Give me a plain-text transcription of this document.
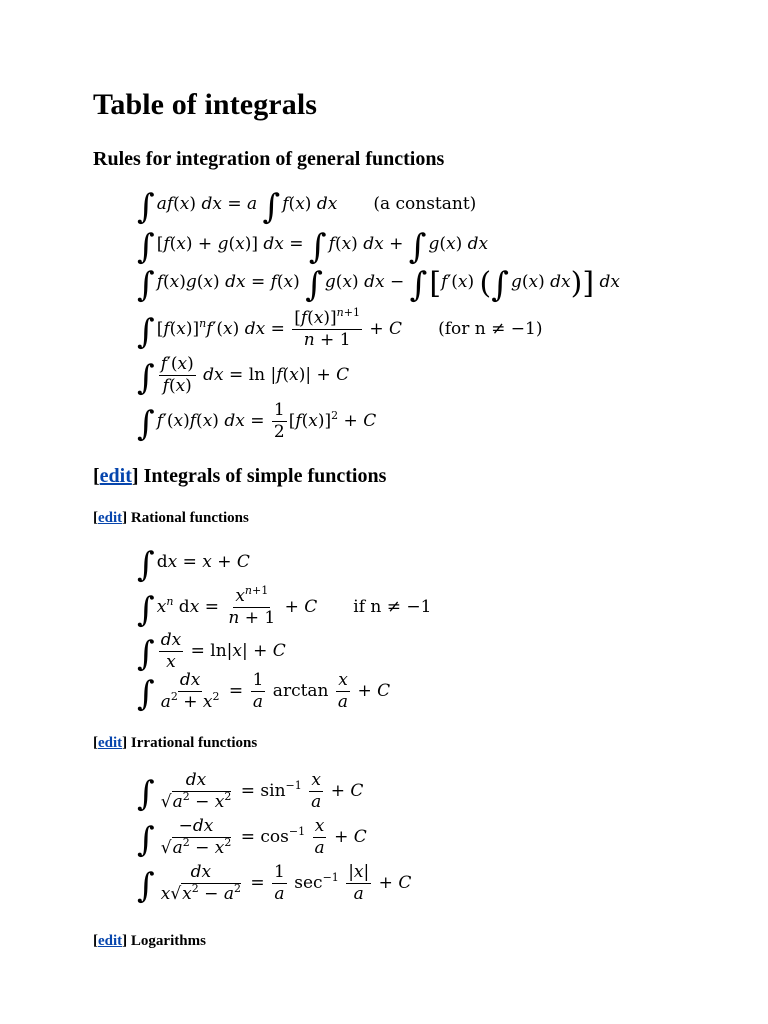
Table of integrals
Rules for integration of general functions
∫ af(x) dx = a ∫ f(x) dx (a constant)
∫ [f(x) + g(x)] dx = ∫ f(x) dx + ∫ g(x) dx
∫ f(x)g(x) dx = f(x) ∫ g(x) dx − ∫[f′(x) (∫ g(x) dx)] dx
∫ $[f(x)]^nf'(x)$ dx = $\frac{[f(x)]^{n+1}}{n + 1} + C$ (for n ≠ −1)
∫ $\frac{f'(x)}{f(x)}$ dx = ln |f(x)| + C
∫ f′(x)f(x) dx = $\frac{1}{2} [f(x)]^2 + C$
[edit] Integrals of simple functions
[edit] Rational functions
∫ dx = x + C
∫ $x^n$ dx = $\frac{x^{n+1}}{n + 1} + C$ if n ≠ −1
∫ $\frac{dx}{x} = \ln|x| + C$
∫ $\frac{dx}{a^2 + x^2} = \frac{1}{a}$ $\arctan \frac{x}{a} + C$
[edit] Irrational functions
∫ $\frac{dx}{√a^2 - x^2} = \sin^{-1} \frac{x}{a} + C$
∫ $\frac{-dx}{√a^2 - x^2} = \cos^{-1} \frac{x}{a} + C$
∫ $\frac{dx}{x√x^2 - a^2} = \frac{1}{a} \sec^{-1} \frac{|x|}{a} + C$
[edit] Logarithms
